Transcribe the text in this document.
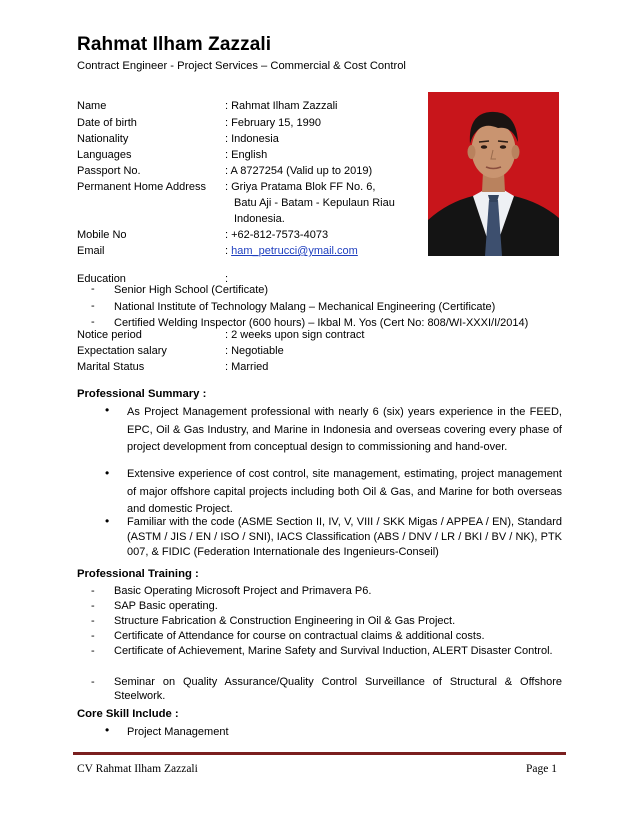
Rahmat Ilham Zazzali
Contract Engineer - Project Services – Commercial & Cost Control
Name	: Rahmat Ilham Zazzali
Date of birth	: February 15, 1990
Nationality	: Indonesia
Languages	: English
Passport No.	: A 8727254 (Valid up to 2019)
Permanent Home Address : Griya Pratama Blok FF No. 6,
Batu Aji - Batam - Kepulaun Riau
Indonesia.
Mobile No	: +62-812-7573-4073
Email	: ham_petrucci@ymail.com
Education	:
- Senior High School (Certificate)
- National Institute of Technology Malang – Mechanical Engineering (Certificate)
- Certified Welding Inspector (600 hours) – Ikbal M. Yos (Cert No: 808/WI-XXXI/I/2014)
Notice period	: 2 weeks upon sign contract
Expectation salary	: Negotiable
Marital Status	: Married
Professional Summary :
• As Project Management professional with nearly 6 (six) years experience in the FEED, EPC, Oil & Gas Industry, and Marine in Indonesia and overseas covering every phase of project development from conceptual design to commissioning and hand-over.
• Extensive experience of cost control, site management, estimating, project management of major offshore capital projects including both Oil & Gas, and Marine for both overseas and domestic Project.
• Familiar with the code (ASME Section II, IV, V, VIII / SKK Migas / APPEA / EN), Standard (ASTM / JIS / EN / ISO / SNI), IACS Classification (ABS / DNV / LR / BKI / BV / NK), PTK 007, & FIDIC (Federation Internationale des Ingenieurs-Conseil)
Professional Training :
- Basic Operating Microsoft Project and Primavera P6.
- SAP Basic operating.
- Structure Fabrication & Construction Engineering in Oil & Gas Project.
- Certificate of Attendance for course on contractual claims & additional costs.
- Certificate of Achievement, Marine Safety and Survival Induction, ALERT Disaster Control.
- Seminar on Quality Assurance/Quality Control Surveillance of Structural & Offshore Steelwork.
Core Skill Include :
• Project Management
CV Rahmat Ilham Zazzali	Page 1
